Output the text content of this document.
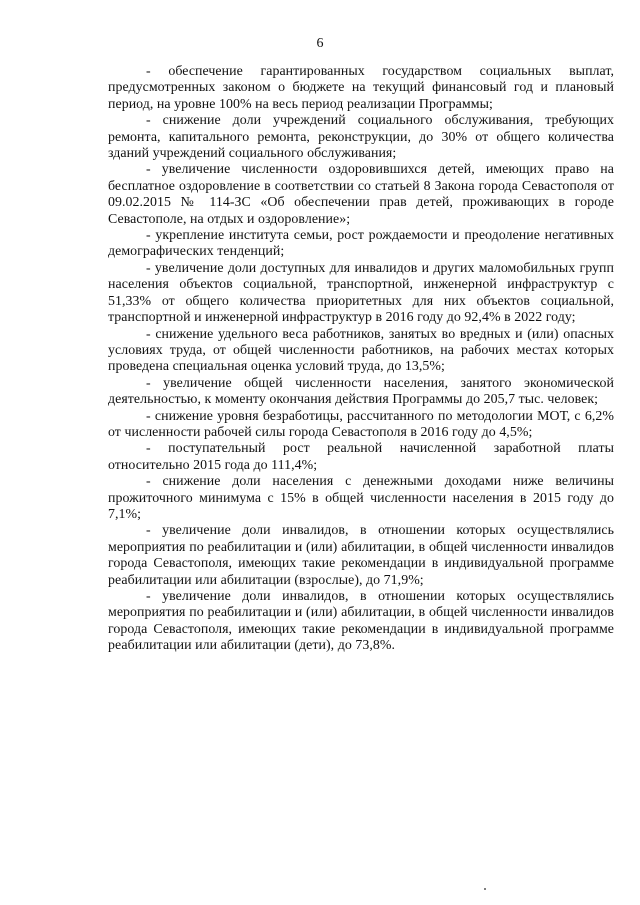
6

- обеспечение гарантированных государством социальных выплат, предусмотренных законом о бюджете на текущий финансовый год и плановый период, на уровне 100% на весь период реализации Программы;

- снижение доли учреждений социального обслуживания, требующих ремонта, капитального ремонта, реконструкции, до 30% от общего количества зданий учреждений социального обслуживания;

- увеличение численности оздоровившихся детей, имеющих право на бесплатное оздоровление в соответствии со статьей 8 Закона города Севастополя от 09.02.2015 № 114-ЗС «Об обеспечении прав детей, проживающих в городе Севастополе, на отдых и оздоровление»;

- укрепление института семьи, рост рождаемости и преодоление негативных демографических тенденций;

- увеличение доли доступных для инвалидов и других маломобильных групп населения объектов социальной, транспортной, инженерной инфраструктур с 51,33% от общего количества приоритетных для них объектов социальной, транспортной и инженерной инфраструктур в 2016 году до 92,4% в 2022 году;

- снижение удельного веса работников, занятых во вредных и (или) опасных условиях труда, от общей численности работников, на рабочих местах которых проведена специальная оценка условий труда, до 13,5%;

- увеличение общей численности населения, занятого экономической деятельностью, к моменту окончания действия Программы до 205,7 тыс. человек;

- снижение уровня безработицы, рассчитанного по методологии МОТ, с 6,2% от численности рабочей силы города Севастополя в 2016 году до 4,5%;

- поступательный рост реальной начисленной заработной платы относительно 2015 года до 111,4%;

- снижение доли населения с денежными доходами ниже величины прожиточного минимума с 15% в общей численности населения в 2015 году до 7,1%;

- увеличение доли инвалидов, в отношении которых осуществлялись мероприятия по реабилитации и (или) абилитации, в общей численности инвалидов города Севастополя, имеющих такие рекомендации в индивидуальной программе реабилитации или абилитации (взрослые), до 71,9%;

- увеличение доли инвалидов, в отношении которых осуществлялись мероприятия по реабилитации и (или) абилитации, в общей численности инвалидов города Севастополя, имеющих такие рекомендации в индивидуальной программе реабилитации или абилитации (дети), до 73,8%.
